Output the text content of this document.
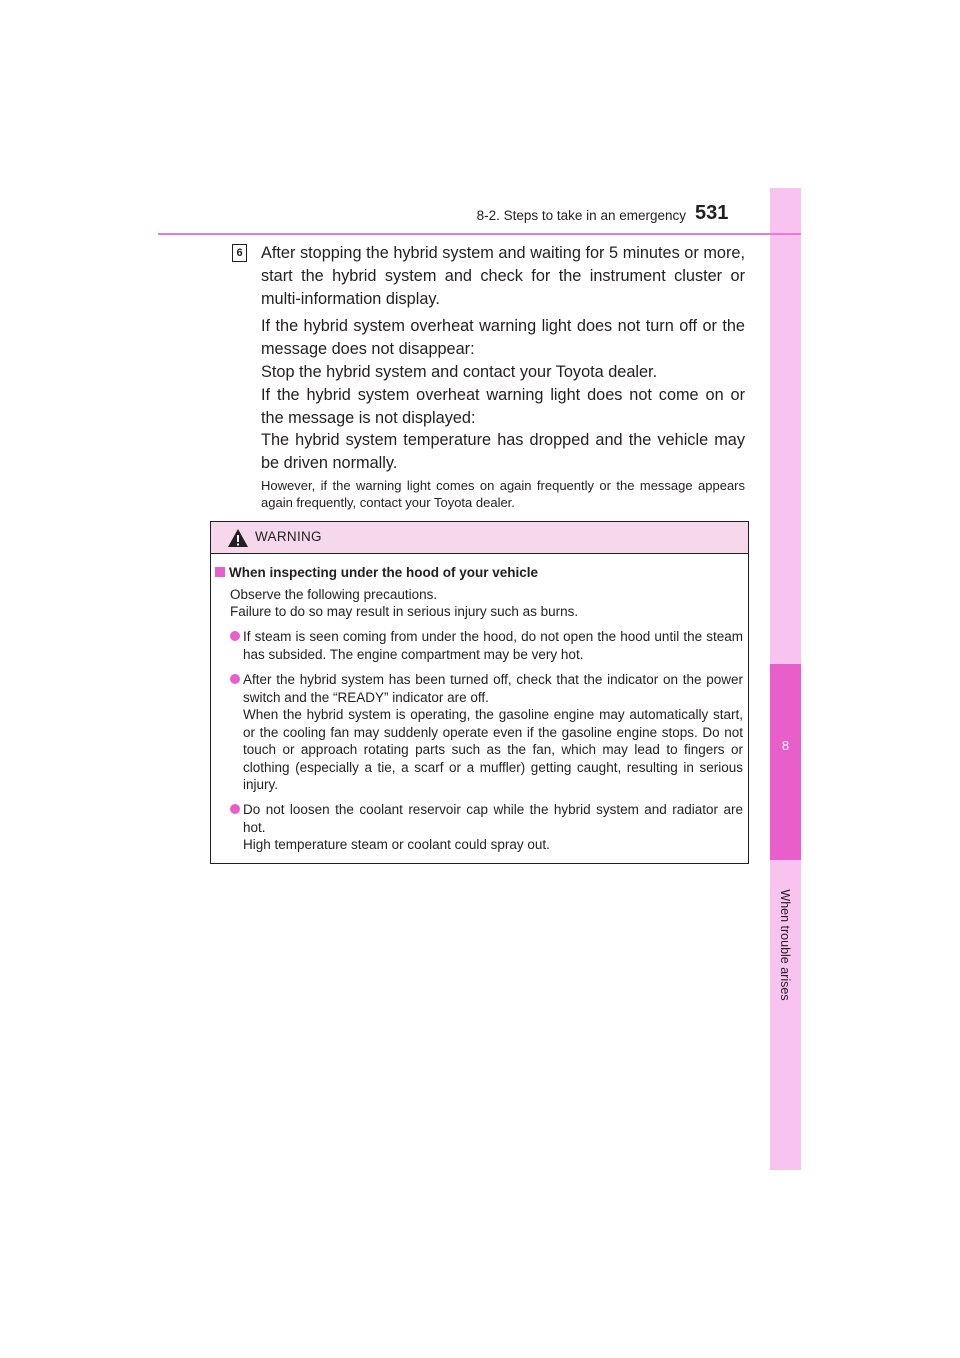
8
When trouble arises
8-2. Steps to take in an emergency 531
6 After stopping the hybrid system and waiting for 5 minutes or more, start the hybrid system and check for the instrument cluster or multi-information display.

If the hybrid system overheat warning light does not turn off or the message does not disappear:

Stop the hybrid system and contact your Toyota dealer.

If the hybrid system overheat warning light does not come on or the message is not displayed:

The hybrid system temperature has dropped and the vehicle may be driven normally.

However, if the warning light comes on again frequently or the message appears again frequently, contact your Toyota dealer.

WARNING
When inspecting under the hood of your vehicle
Observe the following precautions.
Failure to do so may result in serious injury such as burns.
If steam is seen coming from under the hood, do not open the hood until the steam has subsided. The engine compartment may be very hot.
After the hybrid system has been turned off, check that the indicator on the power switch and the “READY” indicator are off.
When the hybrid system is operating, the gasoline engine may automatically start, or the cooling fan may suddenly operate even if the gasoline engine stops. Do not touch or approach rotating parts such as the fan, which may lead to fingers or clothing (especially a tie, a scarf or a muffler) getting caught, resulting in serious injury.
Do not loosen the coolant reservoir cap while the hybrid system and radiator are hot.
High temperature steam or coolant could spray out.
